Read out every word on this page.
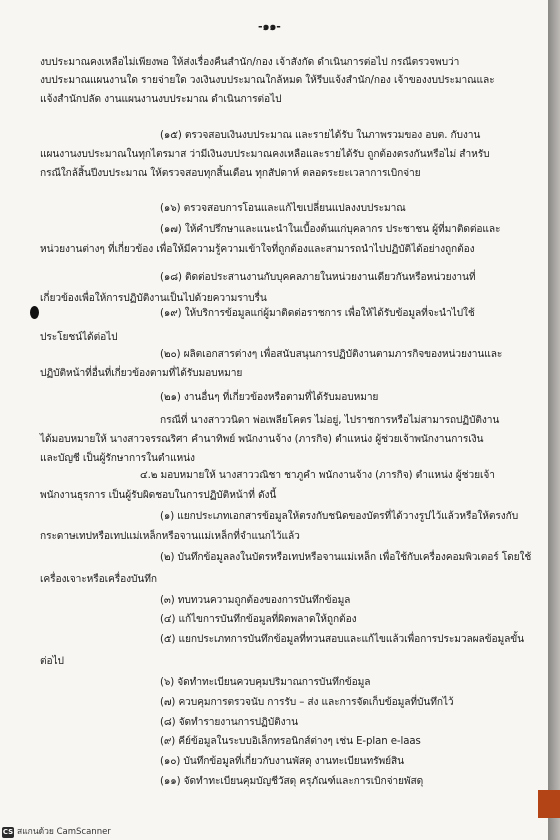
-๑๑-
งบประมาณคงเหลือไม่เพียงพอ ให้ส่งเรื่องคืนสำนัก/กอง เจ้าสังกัด ดำเนินการต่อไป กรณีตรวจพบว่า
งบประมาณแผนงานใด รายจ่ายใด วงเงินงบประมาณใกล้หมด ให้รีบแจ้งสำนัก/กอง เจ้าของงบประมาณและ
แจ้งสำนักปลัด งานแผนงานงบประมาณ ดำเนินการต่อไป
(๑๕) ตรวจสอบเงินงบประมาณ และรายได้รับ ในภาพรวมของ อบต. กับงาน
แผนงานงบประมาณในทุกไตรมาส ว่ามีเงินงบประมาณคงเหลือและรายได้รับ ถูกต้องตรงกันหรือไม่ สำหรับ
กรณีใกล้สิ้นปีงบประมาณ ให้ตรวจสอบทุกสิ้นเดือน ทุกสัปดาห์ ตลอดระยะเวลาการเบิกจ่าย
(๑๖) ตรวจสอบการโอนและแก้ไขเปลี่ยนแปลงงบประมาณ
(๑๗) ให้คำปรึกษาและแนะนำในเบื้องต้นแก่บุคลากร ประชาชน ผู้ที่มาติดต่อและ
หน่วยงานต่างๆ ที่เกี่ยวข้อง เพื่อให้มีความรู้ความเข้าใจที่ถูกต้องและสามารถนำไปปฏิบัติได้อย่างถูกต้อง
(๑๘) ติดต่อประสานงานกับบุคคลภายในหน่วยงานเดียวกันหรือหน่วยงานที่
เกี่ยวข้องเพื่อให้การปฏิบัติงานเป็นไปด้วยความราบรื่น
(๑๙) ให้บริการข้อมูลแก่ผู้มาติดต่อราชการ เพื่อให้ได้รับข้อมูลที่จะนำไปใช้
ประโยชน์ได้ต่อไป
(๒๐) ผลิตเอกสารต่างๆ เพื่อสนับสนุนการปฏิบัติงานตามภารกิจของหน่วยงานและ
ปฏิบัติหน้าที่อื่นที่เกี่ยวข้องตามที่ได้รับมอบหมาย
(๒๑) งานอื่นๆ ที่เกี่ยวข้องหรือตามที่ได้รับมอบหมาย
กรณีที่ นางสาววนิดา พ่อเพลียโคตร ไม่อยู่, ไปราชการหรือไม่สามารถปฏิบัติงาน
ได้มอบหมายให้ นางสาวจรรณริศา คำนาทิพย์ พนักงานจ้าง (ภารกิจ) ตำแหน่ง ผู้ช่วยเจ้าพนักงานการเงิน
และบัญชี เป็นผู้รักษาการในตำแหน่ง
๔.๒ มอบหมายให้ นางสาววณิชา ชาภูคำ พนักงานจ้าง (ภารกิจ) ตำแหน่ง ผู้ช่วยเจ้า
พนักงานธุรการ เป็นผู้รับผิดชอบในการปฏิบัติหน้าที่ ดังนี้
(๑) แยกประเภทเอกสารข้อมูลให้ตรงกับชนิดของบัตรที่ได้วางรูปไว้แล้วหรือให้ตรงกับ
กระดาษเทปหรือเทปแม่เหล็กหรือจานแม่เหล็กที่จำแนกไว้แล้ว
(๒) บันทึกข้อมูลลงในบัตรหรือเทปหรือจานแม่เหล็ก เพื่อใช้กับเครื่องคอมพิวเตอร์ โดยใช้
เครื่องเจาะหรือเครื่องบันทึก
(๓) ทบทวนความถูกต้องของการบันทึกข้อมูล
(๔) แก้ไขการบันทึกข้อมูลที่ผิดพลาดให้ถูกต้อง
(๕) แยกประเภทการบันทึกข้อมูลที่ทวนสอบและแก้ไขแล้วเพื่อการประมวลผลข้อมูลขั้น
ต่อไป
(๖) จัดทำทะเบียนควบคุมปริมาณการบันทึกข้อมูล
(๗) ควบคุมการตรวจนับ การรับ – ส่ง และการจัดเก็บข้อมูลที่บันทึกไว้
(๘) จัดทำรายงานการปฏิบัติงาน
(๙) คีย์ข้อมูลในระบบอิเล็กทรอนิกส์ต่างๆ เช่น E-plan e-laas
(๑๐) บันทึกข้อมูลที่เกี่ยวกับงานพัสดุ งานทะเบียนทรัพย์สิน
(๑๑) จัดทำทะเบียนคุมบัญชีวัสดุ ครุภัณฑ์และการเบิกจ่ายพัสดุ
CS สแกนด้วย CamScanner
